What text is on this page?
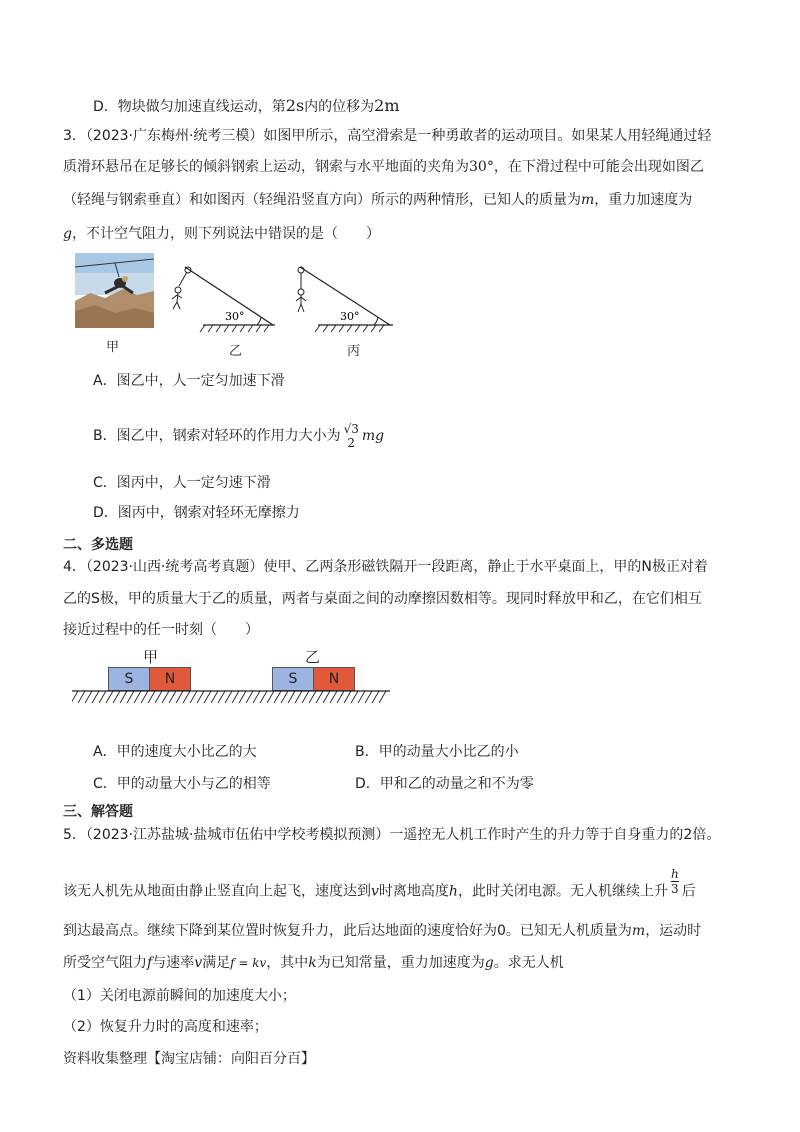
D．物块做匀加速直线运动，第2s内的位移为2m
3．（2023·广东梅州·统考三模）如图甲所示，高空滑索是一种勇敢者的运动项目。如果某人用轻绳通过轻
质滑环悬吊在足够长的倾斜钢索上运动，钢索与水平地面的夹角为30°，在下滑过程中可能会出现如图乙
（轻绳与钢索垂直）和如图丙（轻绳沿竖直方向）所示的两种情形，已知人的质量为m，重力加速度为
g，不计空气阻力，则下列说法中错误的是（　　）
甲
30°
乙
30°
丙
A．图乙中，人一定匀加速下滑
B．图乙中，钢索对轻环的作用力大小为 √3
2 mg
C．图丙中，人一定匀速下滑
D．图丙中，钢索对轻环无摩擦力
二、多选题
4．（2023·山西·统考高考真题）使甲、乙两条形磁铁隔开一段距离，静止于水平桌面上，甲的N极正对着
乙的S极，甲的质量大于乙的质量，两者与桌面之间的动摩擦因数相等。现同时释放甲和乙，在它们相互
接近过程中的任一时刻（　　）
甲	乙
S	N	S	N
A．甲的速度大小比乙的大	B．甲的动量大小比乙的小
C．甲的动量大小与乙的相等	D．甲和乙的动量之和不为零
三、解答题
5．（2023·江苏盐城·盐城市伍佑中学校考模拟预测）一遥控无人机工作时产生的升力等于自身重力的2倍。
该无人机先从地面由静止竖直向上起飞，速度达到v时离地高度h，此时关闭电源。无人机继续上升 $\frac{h}{3}$ 后
到达最高点。继续下降到某位置时恢复升力，此后达地面的速度恰好为0。已知无人机质量为m，运动时
所受空气阻力f与速率v满足f = kv，其中k为已知常量，重力加速度为g。求无人机
（1）关闭电源前瞬间的加速度大小；
（2）恢复升力时的高度和速率；
资料收集整理【淘宝店铺：向阳百分百】
